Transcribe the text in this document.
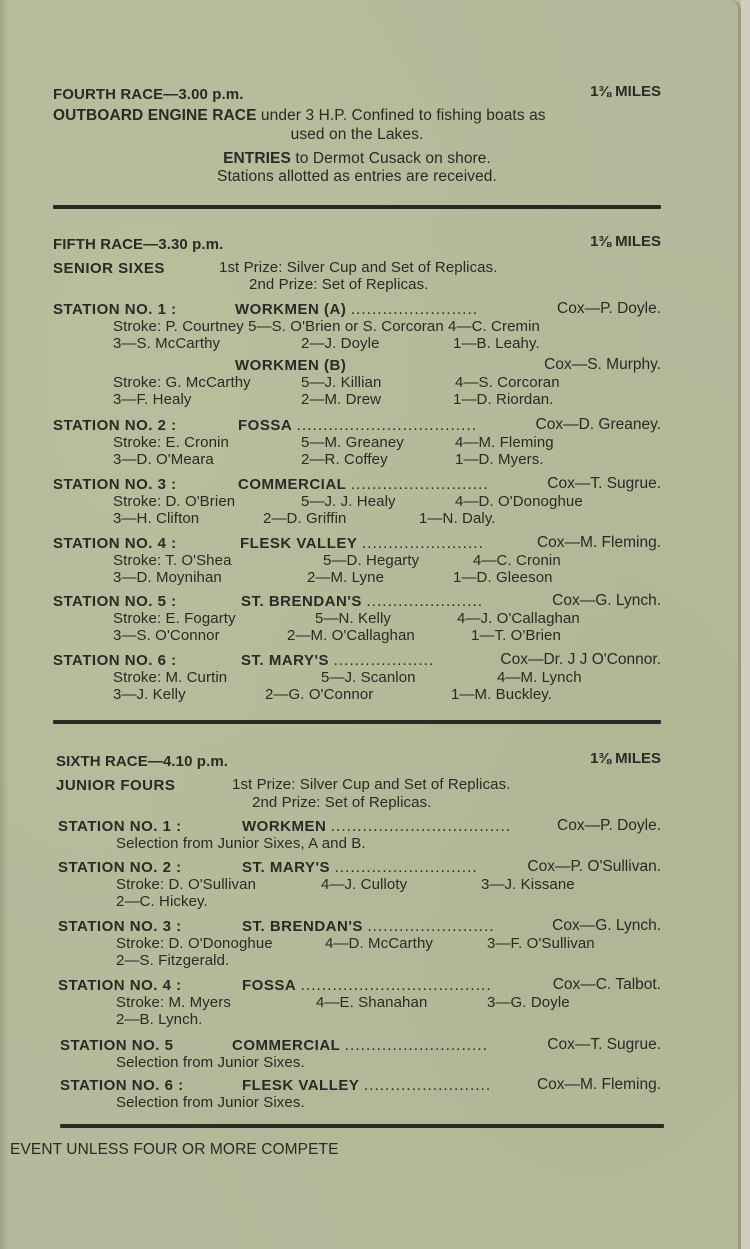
FOURTH RACE—3.00 p.m.	1⅜ MILES
OUTBOARD ENGINE RACE under 3 H.P. Confined to fishing boats as
used on the Lakes.
ENTRIES to Dermot Cusack on shore.
Stations allotted as entries are received.
FIFTH RACE—3.30 p.m.	1⅜ MILES
SENIOR SIXES	1st Prize: Silver Cup and Set of Replicas.
2nd Prize: Set of Replicas.
STATION NO. 1 :	WORKMEN (A) ........................	Cox—P. Doyle.
Stroke: P. Courtney 5—S. O'Brien or S. Corcoran 4—C. Cremin
3—S. McCarthy	2—J. Doyle	1—B. Leahy.
WORKMEN (B)	Cox—S. Murphy.
Stroke: G. McCarthy	5—J. Killian	4—S. Corcoran
3—F. Healy	2—M. Drew	1—D. Riordan.
STATION NO. 2 :	FOSSA ..................................	Cox—D. Greaney.
Stroke: E. Cronin	5—M. Greaney	4—M. Fleming
3—D. O'Meara	2—R. Coffey	1—D. Myers.
STATION NO. 3 :	COMMERCIAL ..........................	Cox—T. Sugrue.
Stroke: D. O'Brien	5—J. J. Healy	4—D. O'Donoghue
3—H. Clifton	2—D. Griffin	1—N. Daly.
STATION NO. 4 :	FLESK VALLEY .......................	Cox—M. Fleming.
Stroke: T. O'Shea	5—D. Hegarty	4—C. Cronin
3—D. Moynihan	2—M. Lyne	1—D. Gleeson
STATION NO. 5 :	ST. BRENDAN'S ......................	Cox—G. Lynch.
Stroke: E. Fogarty	5—N. Kelly	4—J. O'Callaghan
3—S. O'Connor	2—M. O'Callaghan	1—T. O'Brien
STATION NO. 6 :	ST. MARY'S ...................	Cox—Dr. J J O'Connor.
Stroke: M. Curtin	5—J. Scanlon	4—M. Lynch
3—J. Kelly	2—G. O'Connor	1—M. Buckley.
SIXTH RACE—4.10 p.m.	1⅜ MILES
JUNIOR FOURS	1st Prize: Silver Cup and Set of Replicas.
2nd Prize: Set of Replicas.
STATION NO. 1 :	WORKMEN ..................................	Cox—P. Doyle.
Selection from Junior Sixes, A and B.
STATION NO. 2 :	ST. MARY'S ...........................	Cox—P. O'Sullivan.
Stroke: D. O'Sullivan	4—J. Culloty	3—J. Kissane
2—C. Hickey.
STATION NO. 3 :	ST. BRENDAN'S ........................	Cox—G. Lynch.
Stroke: D. O'Donoghue	4—D. McCarthy	3—F. O'Sullivan
2—S. Fitzgerald.
STATION NO. 4 :	FOSSA ....................................	Cox—C. Talbot.
Stroke: M. Myers	4—E. Shanahan	3—G. Doyle
2—B. Lynch.
STATION NO. 5	COMMERCIAL ...........................	Cox—T. Sugrue.
Selection from Junior Sixes.
STATION NO. 6 :	FLESK VALLEY ........................	Cox—M. Fleming.
Selection from Junior Sixes.
EVENT UNLESS FOUR OR MORE COMPETE
